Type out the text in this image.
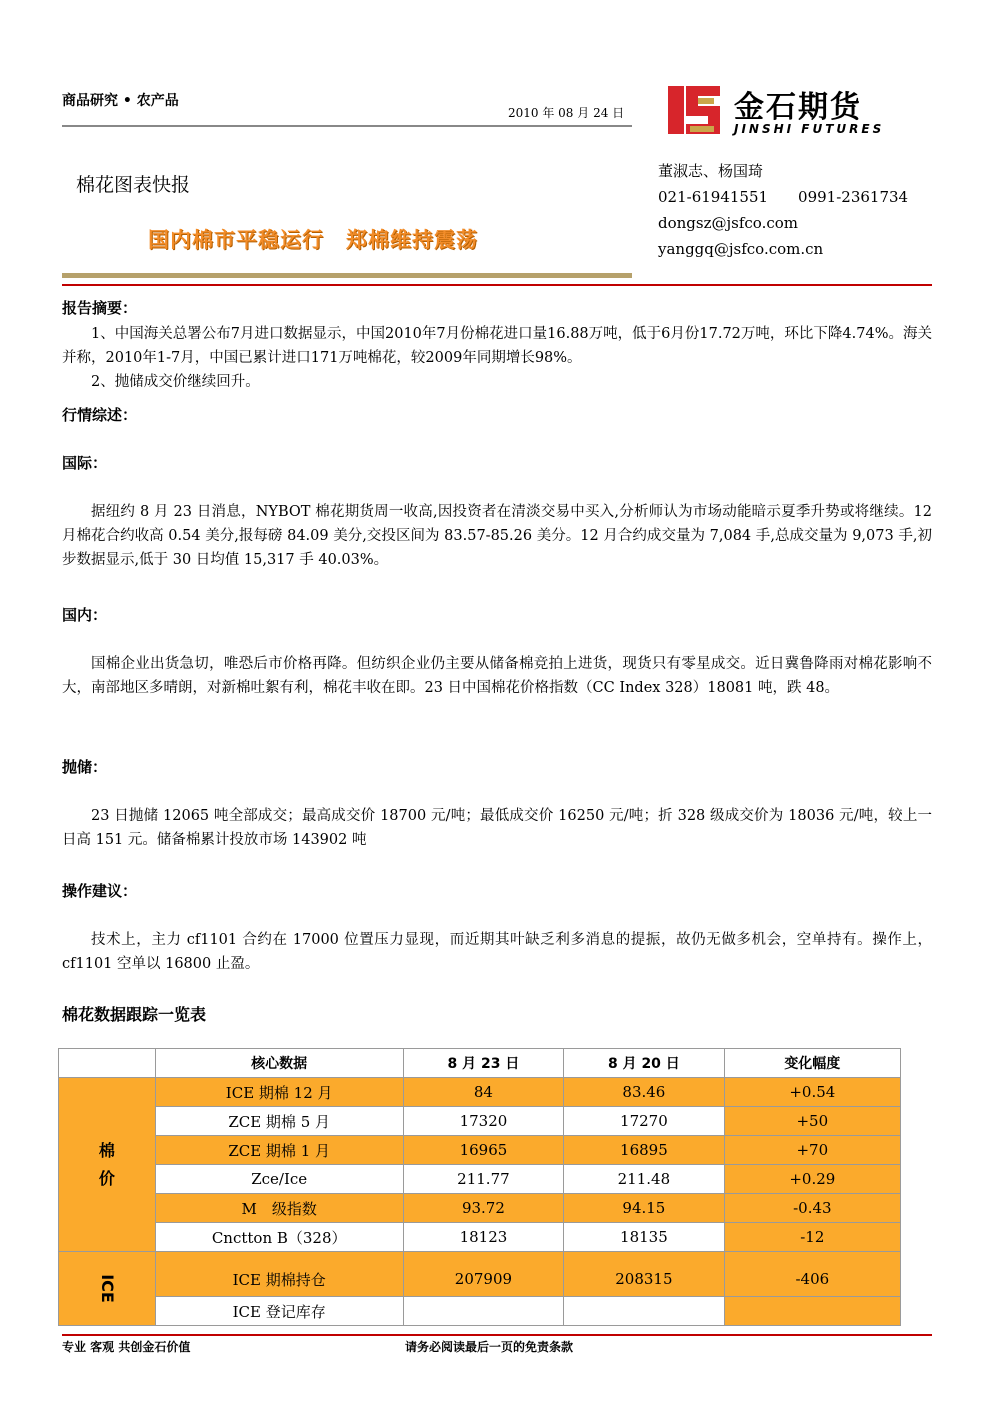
商品研究 • 农产品
2010 年 08 月 24 日	金石期货
JINSHI FUTURES
棉花图表快报
国内棉市平稳运行　郑棉维持震荡
董淑志、杨国琦
021-61941551　　0991-2361734
dongsz@jsfco.com
yanggq@jsfco.com.cn
报告摘要：
1、中国海关总署公布7月进口数据显示，中国2010年7月份棉花进口量16.88万吨，低于6月份17.72万吨，环比下降4.74%。海关并称，2010年1-7月，中国已累计进口171万吨棉花，较2009年同期增长98%。
2、抛储成交价继续回升。
行情综述：
国际：
据纽约 8 月 23 日消息，NYBOT 棉花期货周一收高,因投资者在清淡交易中买入,分析师认为市场动能暗示夏季升势或将继续。12 月棉花合约收高 0.54 美分,报每磅 84.09 美分,交投区间为 83.57-85.26 美分。12 月合约成交量为 7,084 手,总成交量为 9,073 手,初步数据显示,低于 30 日均值 15,317 手 40.03%。
国内：
国棉企业出货急切，唯恐后市价格再降。但纺织企业仍主要从储备棉竞拍上进货，现货只有零星成交。近日冀鲁降雨对棉花影响不大，南部地区多晴朗，对新棉吐絮有利，棉花丰收在即。23 日中国棉花价格指数（CC Index 328）18081 吨，跌 48。
抛储：
23 日抛储 12065 吨全部成交；最高成交价 18700 元/吨；最低成交价 16250 元/吨；折 328 级成交价为 18036 元/吨，较上一日高 151 元。储备棉累计投放市场 143902 吨
操作建议：
技术上，主力 cf1101 合约在 17000 位置压力显现，而近期其叶缺乏利多消息的提振，故仍无做多机会，空单持有。操作上，cf1101 空单以 16800 止盈。
棉花数据跟踪一览表
	核心数据	8 月 23 日	8 月 20 日	变化幅度
棉
价	ICE 期棉 12 月	84	83.46	+0.54
	ZCE 期棉 5 月	17320	17270	+50
	ZCE 期棉 1 月	16965	16895	+70
	Zce/Ice	211.77	211.48	+0.29
	M　级指数	93.72	94.15	-0.43
	Cnctton B（328）	18123	18135	-12
ICE	ICE 期棉持仓	207909	208315	-406
	ICE 登记库存			
专业 客观 共创金石价值	请务必阅读最后一页的免责条款
